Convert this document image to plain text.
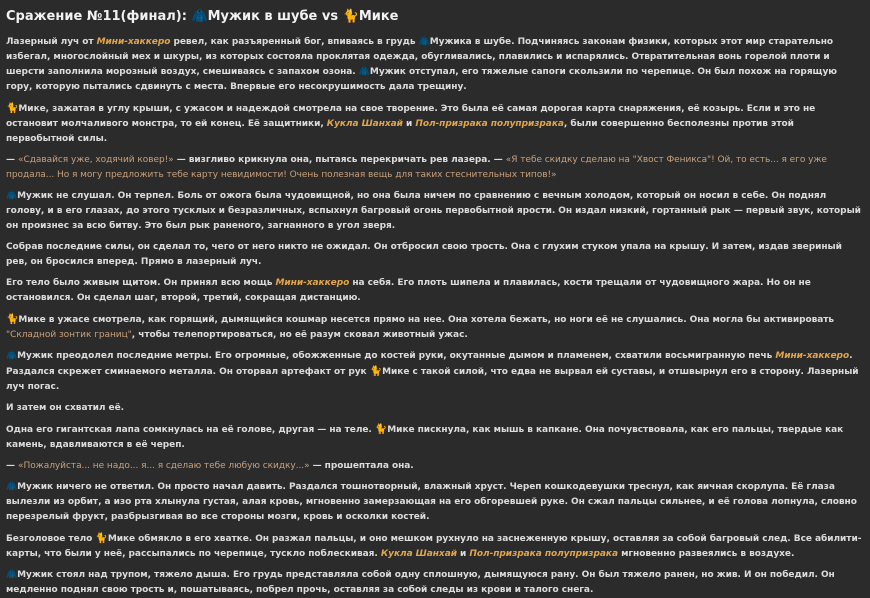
Сражение №11(финал): 🧥Мужик в шубе vs 🐈Мике
Лазерный луч от Мини-хаккеро ревел, как разъяренный бог, впиваясь в грудь 🧥Мужика в шубе. Подчиняясь законам физики, которых этот мир старательно избегал, многослойный мех и шкуры, из которых состояла проклятая одежда, обугливались, плавились и испарялись. Отвратительная вонь горелой плоти и шерсти заполнила морозный воздух, смешиваясь с запахом озона. 🧥Мужик отступал, его тяжелые сапоги скользили по черепице. Он был похож на горящую гору, которую пытались сдвинуть с места. Впервые его несокрушимость дала трещину.
🐈Мике, зажатая в углу крыши, с ужасом и надеждой смотрела на свое творение. Это была её самая дорогая карта снаряжения, её козырь. Если и это не остановит молчаливого монстра, то ей конец. Её защитники, Кукла Шанхай и Пол-призрака полупризрака, были совершенно бесполезны против этой первобытной силы.
— «Сдавайся уже, ходячий ковер!» — визгливо крикнула она, пытаясь перекричать рев лазера. — «Я тебе скидку сделаю на "Хвост Феникса"! Ой, то есть... я его уже продала... Но я могу предложить тебе карту невидимости! Очень полезная вещь для таких стеснительных типов!»
🧥Мужик не слушал. Он терпел. Боль от ожога была чудовищной, но она была ничем по сравнению с вечным холодом, который он носил в себе. Он поднял голову, и в его глазах, до этого тусклых и безразличных, вспыхнул багровый огонь первобытной ярости. Он издал низкий, гортанный рык — первый звук, который он произнес за всю битву. Это был рык раненого, загнанного в угол зверя.
Собрав последние силы, он сделал то, чего от него никто не ожидал. Он отбросил свою трость. Она с глухим стуком упала на крышу. И затем, издав звериный рев, он бросился вперед. Прямо в лазерный луч.
Его тело было живым щитом. Он принял всю мощь Мини-хаккеро на себя. Его плоть шипела и плавилась, кости трещали от чудовищного жара. Но он не остановился. Он сделал шаг, второй, третий, сокращая дистанцию.
🐈Мике в ужасе смотрела, как горящий, дымящийся кошмар несется прямо на нее. Она хотела бежать, но ноги её не слушались. Она могла бы активировать "Складной зонтик границ", чтобы телепортироваться, но её разум сковал животный ужас.
🧥Мужик преодолел последние метры. Его огромные, обожженные до костей руки, окутанные дымом и пламенем, схватили восьмигранную печь Мини-хаккеро. Раздался скрежет сминаемого металла. Он оторвал артефакт от рук 🐈Мике с такой силой, что едва не вырвал ей суставы, и отшвырнул его в сторону. Лазерный луч погас.
И затем он схватил её.
Одна его гигантская лапа сомкнулась на её голове, другая — на теле. 🐈Мике пискнула, как мышь в капкане. Она почувствовала, как его пальцы, твердые как камень, вдавливаются в её череп.
— «Пожалуйста... не надо... я... я сделаю тебе любую скидку...» — прошептала она.
🧥Мужик ничего не ответил. Он просто начал давить. Раздался тошнотворный, влажный хруст. Череп кошкодевушки треснул, как яичная скорлупа. Её глаза вылезли из орбит, а изо рта хлынула густая, алая кровь, мгновенно замерзающая на его обгоревшей руке. Он сжал пальцы сильнее, и её голова лопнула, словно перезрелый фрукт, разбрызгивая во все стороны мозги, кровь и осколки костей.
Безголовое тело 🐈Мике обмякло в его хватке. Он разжал пальцы, и оно мешком рухнуло на заснеженную крышу, оставляя за собой багровый след. Все абилити-карты, что были у неё, рассыпались по черепице, тускло поблескивая. Кукла Шанхай и Пол-призрака полупризрака мгновенно развеялись в воздухе.
🧥Мужик стоял над трупом, тяжело дыша. Его грудь представляла собой одну сплошную, дымящуюся рану. Он был тяжело ранен, но жив. И он победил. Он медленно поднял свою трость и, пошатываясь, побрел прочь, оставляя за собой следы из крови и талого снега.
